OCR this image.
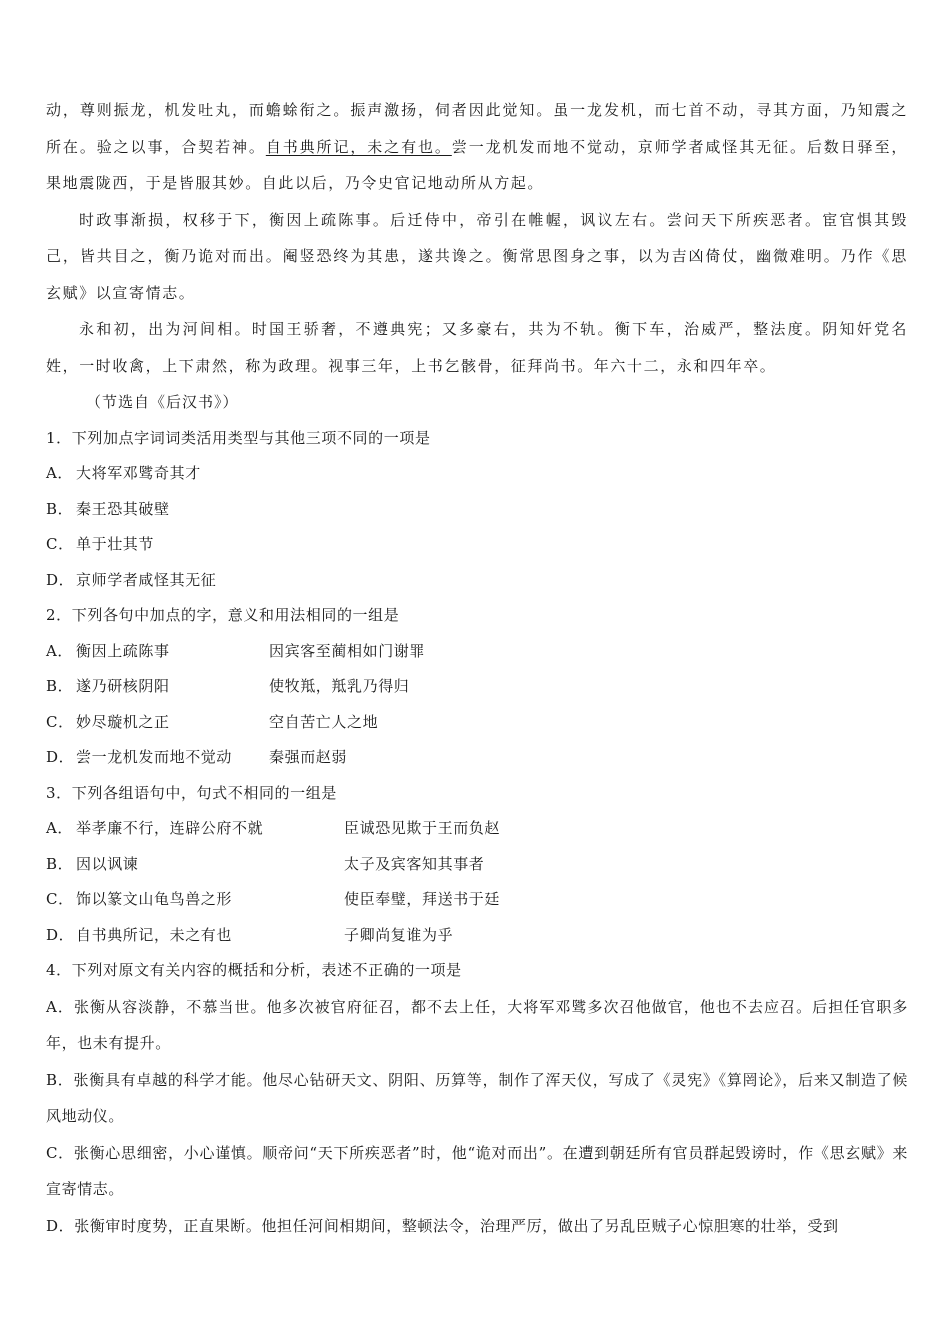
动，尊则振龙，机发吐丸，而蟾蜍衔之。振声激扬，伺者因此觉知。虽一龙发机，而七首不动，寻其方面，乃知震之所在。验之以事，合契若神。自书典所记，未之有也。尝一龙机发而地不觉动，京师学者咸怪其无征。后数日驿至，果地震陇西，于是皆服其妙。自此以后，乃令史官记地动所从方起。

时政事渐损，权移于下，衡因上疏陈事。后迁侍中，帝引在帷幄，讽议左右。尝问天下所疾恶者。宦官惧其毁己，皆共目之，衡乃诡对而出。阉竖恐终为其患，遂共谗之。衡常思图身之事，以为吉凶倚仗，幽微难明。乃作《思玄赋》以宣寄情志。

永和初，出为河间相。时国王骄奢，不遵典宪；又多豪右，共为不轨。衡下车，治威严，整法度。阴知奸党名姓，一时收禽，上下肃然，称为政理。视事三年，上书乞骸骨，征拜尚书。年六十二，永和四年卒。

（节选自《后汉书》）

1．下列加点字词词类活用类型与其他三项不同的一项是

A． 大将军邓骘奇其才
B． 秦王恐其破壁
C． 单于壮其节
D． 京师学者咸怪其无征

2．下列各句中加点的字，意义和用法相同的一组是

A． 衡因上疏陈事	因宾客至蔺相如门谢罪
B． 遂乃研核阴阳	使牧羝，羝乳乃得归
C． 妙尽璇机之正	空自苦亡人之地
D． 尝一龙机发而地不觉动	秦强而赵弱

3．下列各组语句中，句式不相同的一组是

A． 举孝廉不行，连辟公府不就	臣诚恐见欺于王而负赵
B． 因以讽谏	太子及宾客知其事者
C． 饰以篆文山龟鸟兽之形	使臣奉璧，拜送书于廷
D． 自书典所记，未之有也	子卿尚复谁为乎

4．下列对原文有关内容的概括和分析，表述不正确的一项是

A．张衡从容淡静，不慕当世。他多次被官府征召，都不去上任，大将军邓骘多次召他做官，他也不去应召。后担任官职多年，也未有提升。

B．张衡具有卓越的科学才能。他尽心钻研天文、阴阳、历算等，制作了浑天仪，写成了《灵宪》《算罔论》，后来又制造了候风地动仪。

C．张衡心思细密，小心谨慎。顺帝问“天下所疾恶者”时，他“诡对而出”。在遭到朝廷所有官员群起毁谤时，作《思玄赋》来宣寄情志。

D．张衡审时度势，正直果断。他担任河间相期间，整顿法令，治理严厉，做出了另乱臣贼子心惊胆寒的壮举，受到
